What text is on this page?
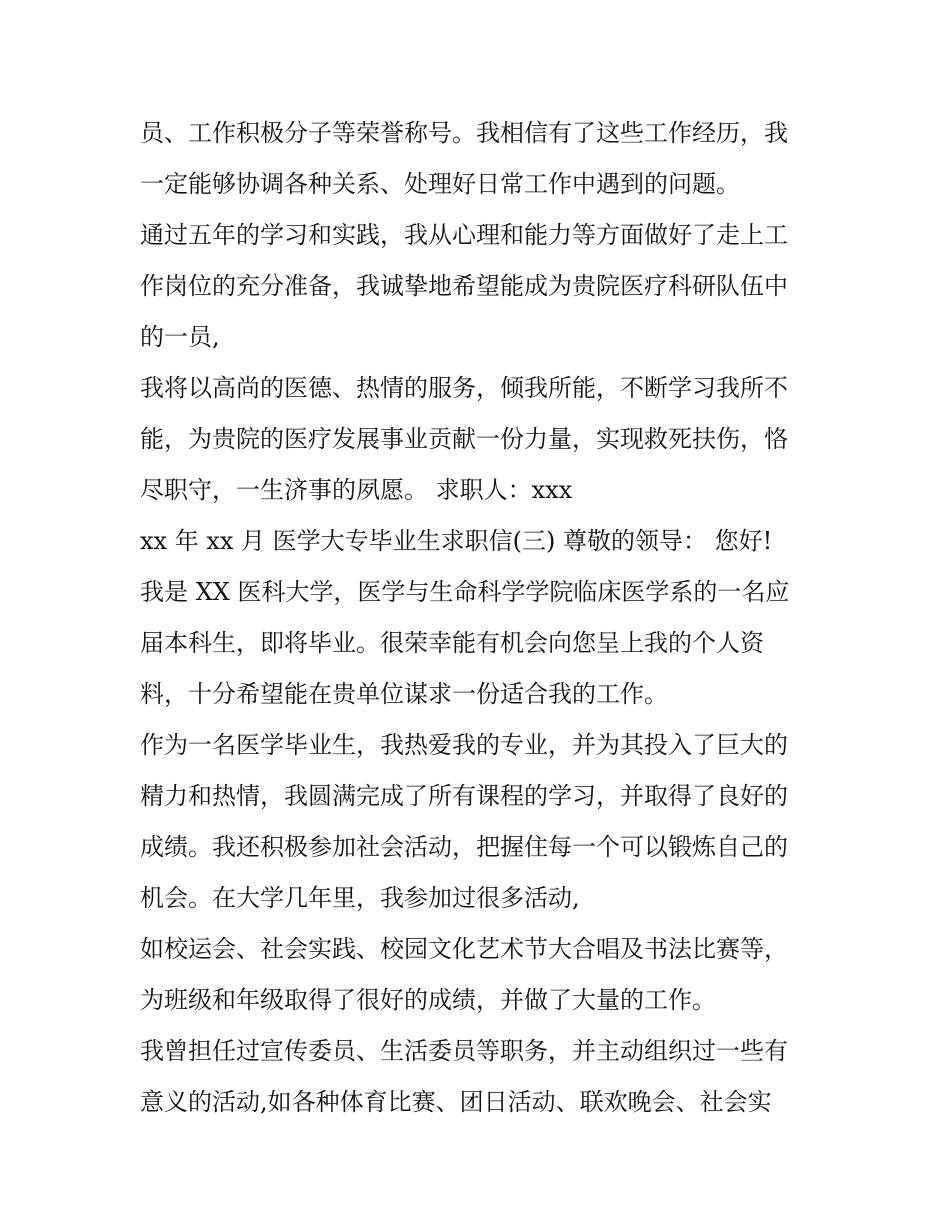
员、工作积极分子等荣誉称号。我相信有了这些工作经历，我
一定能够协调各种关系、处理好日常工作中遇到的问题。
通过五年的学习和实践，我从心理和能力等方面做好了走上工
作岗位的充分准备，我诚挚地希望能成为贵院医疗科研队伍中
的一员,
我将以高尚的医德、热情的服务，倾我所能，不断学习我所不
能，为贵院的医疗发展事业贡献一份力量，实现救死扶伤，恪
尽职守，一生济事的夙愿。 求职人：xxx
xx 年 xx 月 医学大专毕业生求职信(三) 尊敬的领导： 您好!
我是 XX 医科大学，医学与生命科学学院临床医学系的一名应
届本科生，即将毕业。很荣幸能有机会向您呈上我的个人资
料，十分希望能在贵单位谋求一份适合我的工作。
作为一名医学毕业生，我热爱我的专业，并为其投入了巨大的
精力和热情，我圆满完成了所有课程的学习，并取得了良好的
成绩。我还积极参加社会活动，把握住每一个可以锻炼自己的
机会。在大学几年里，我参加过很多活动,
如校运会、社会实践、校园文化艺术节大合唱及书法比赛等，
为班级和年级取得了很好的成绩，并做了大量的工作。
我曾担任过宣传委员、生活委员等职务，并主动组织过一些有
意义的活动,如各种体育比赛、团日活动、联欢晚会、社会实
